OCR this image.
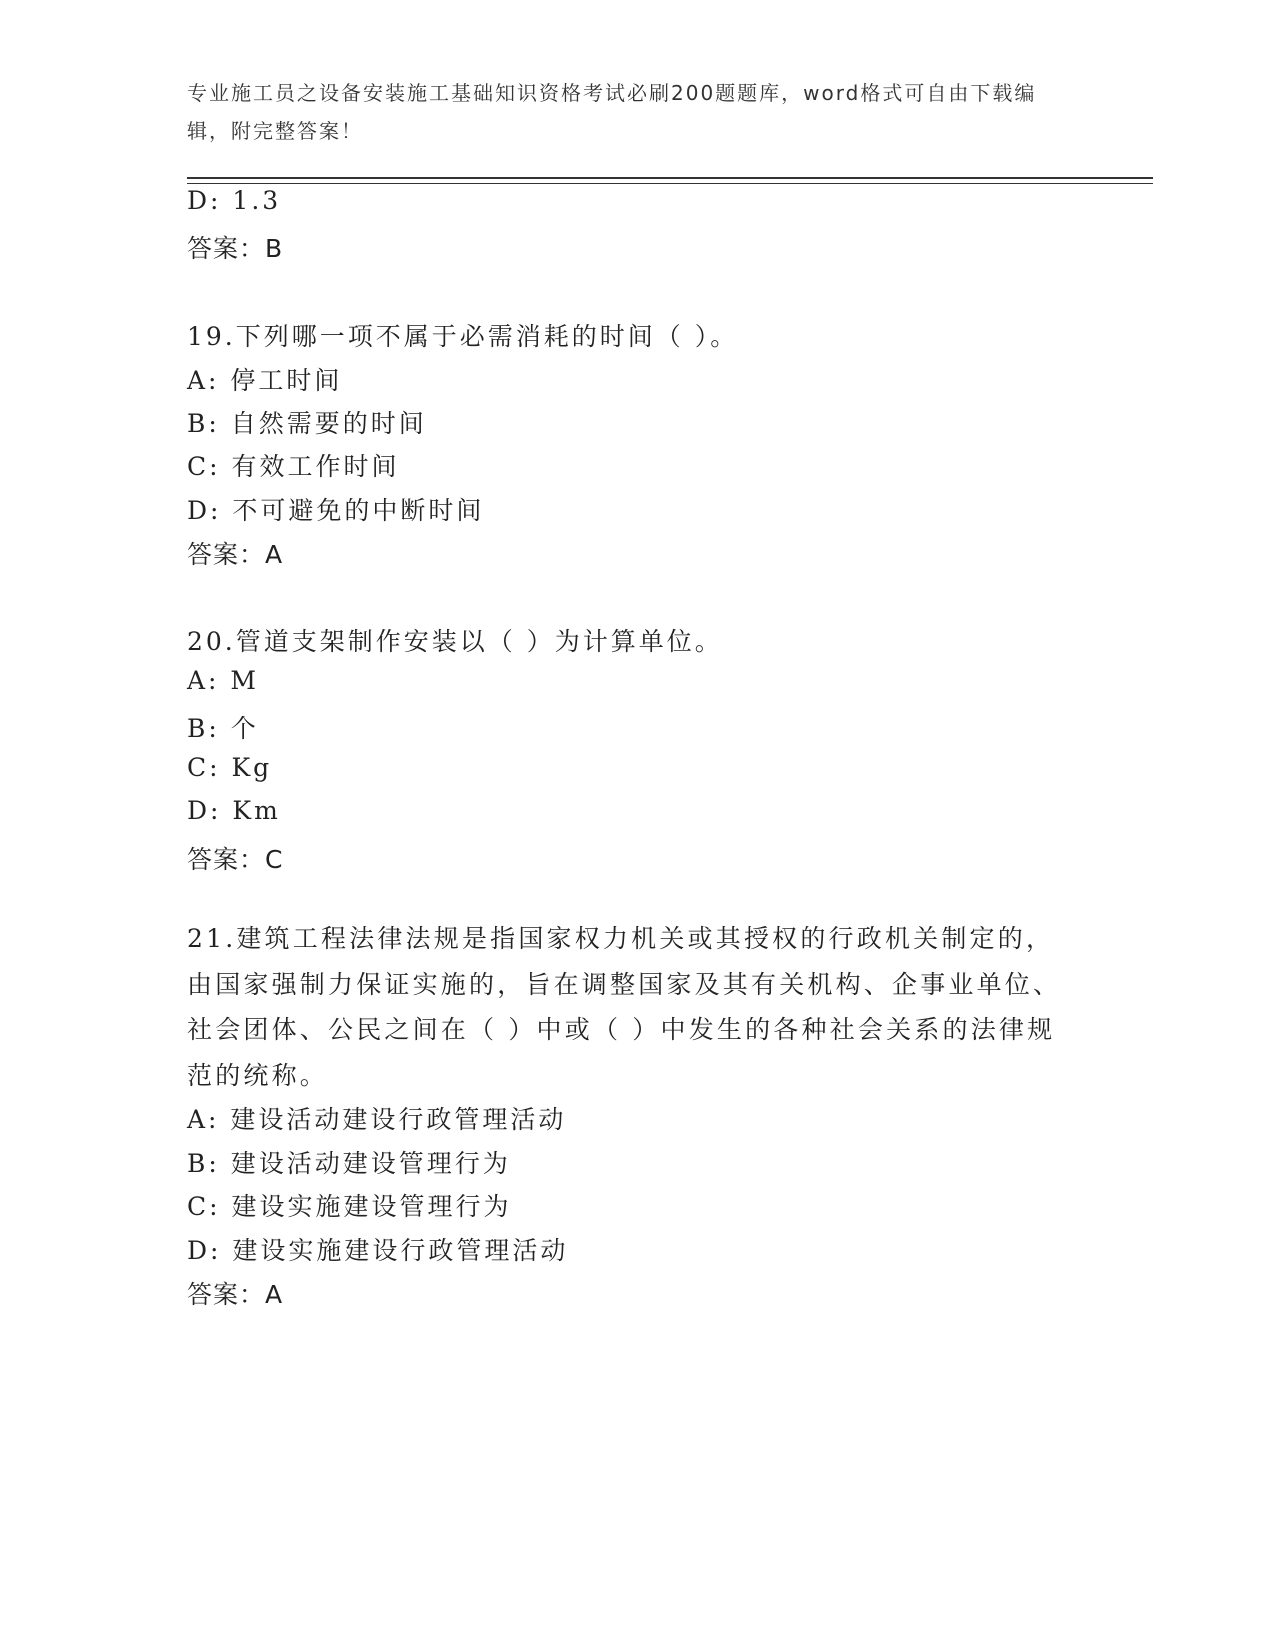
专业施工员之设备安装施工基础知识资格考试必刷200题题库，word格式可自由下载编辑，附完整答案！
D: 1.3
答案：B
19.下列哪一项不属于必需消耗的时间（ ）。
A: 停工时间
B: 自然需要的时间
C: 有效工作时间
D: 不可避免的中断时间
答案：A
20.管道支架制作安装以（ ）为计算单位。
A: M
B: 个
C: Kg
D: Km
答案：C
21.建筑工程法律法规是指国家权力机关或其授权的行政机关制定的，由国家强制力保证实施的，旨在调整国家及其有关机构、企事业单位、社会团体、公民之间在（ ）中或（ ）中发生的各种社会关系的法律规范的统称。
A: 建设活动建设行政管理活动
B: 建设活动建设管理行为
C: 建设实施建设管理行为
D: 建设实施建设行政管理活动
答案：A
